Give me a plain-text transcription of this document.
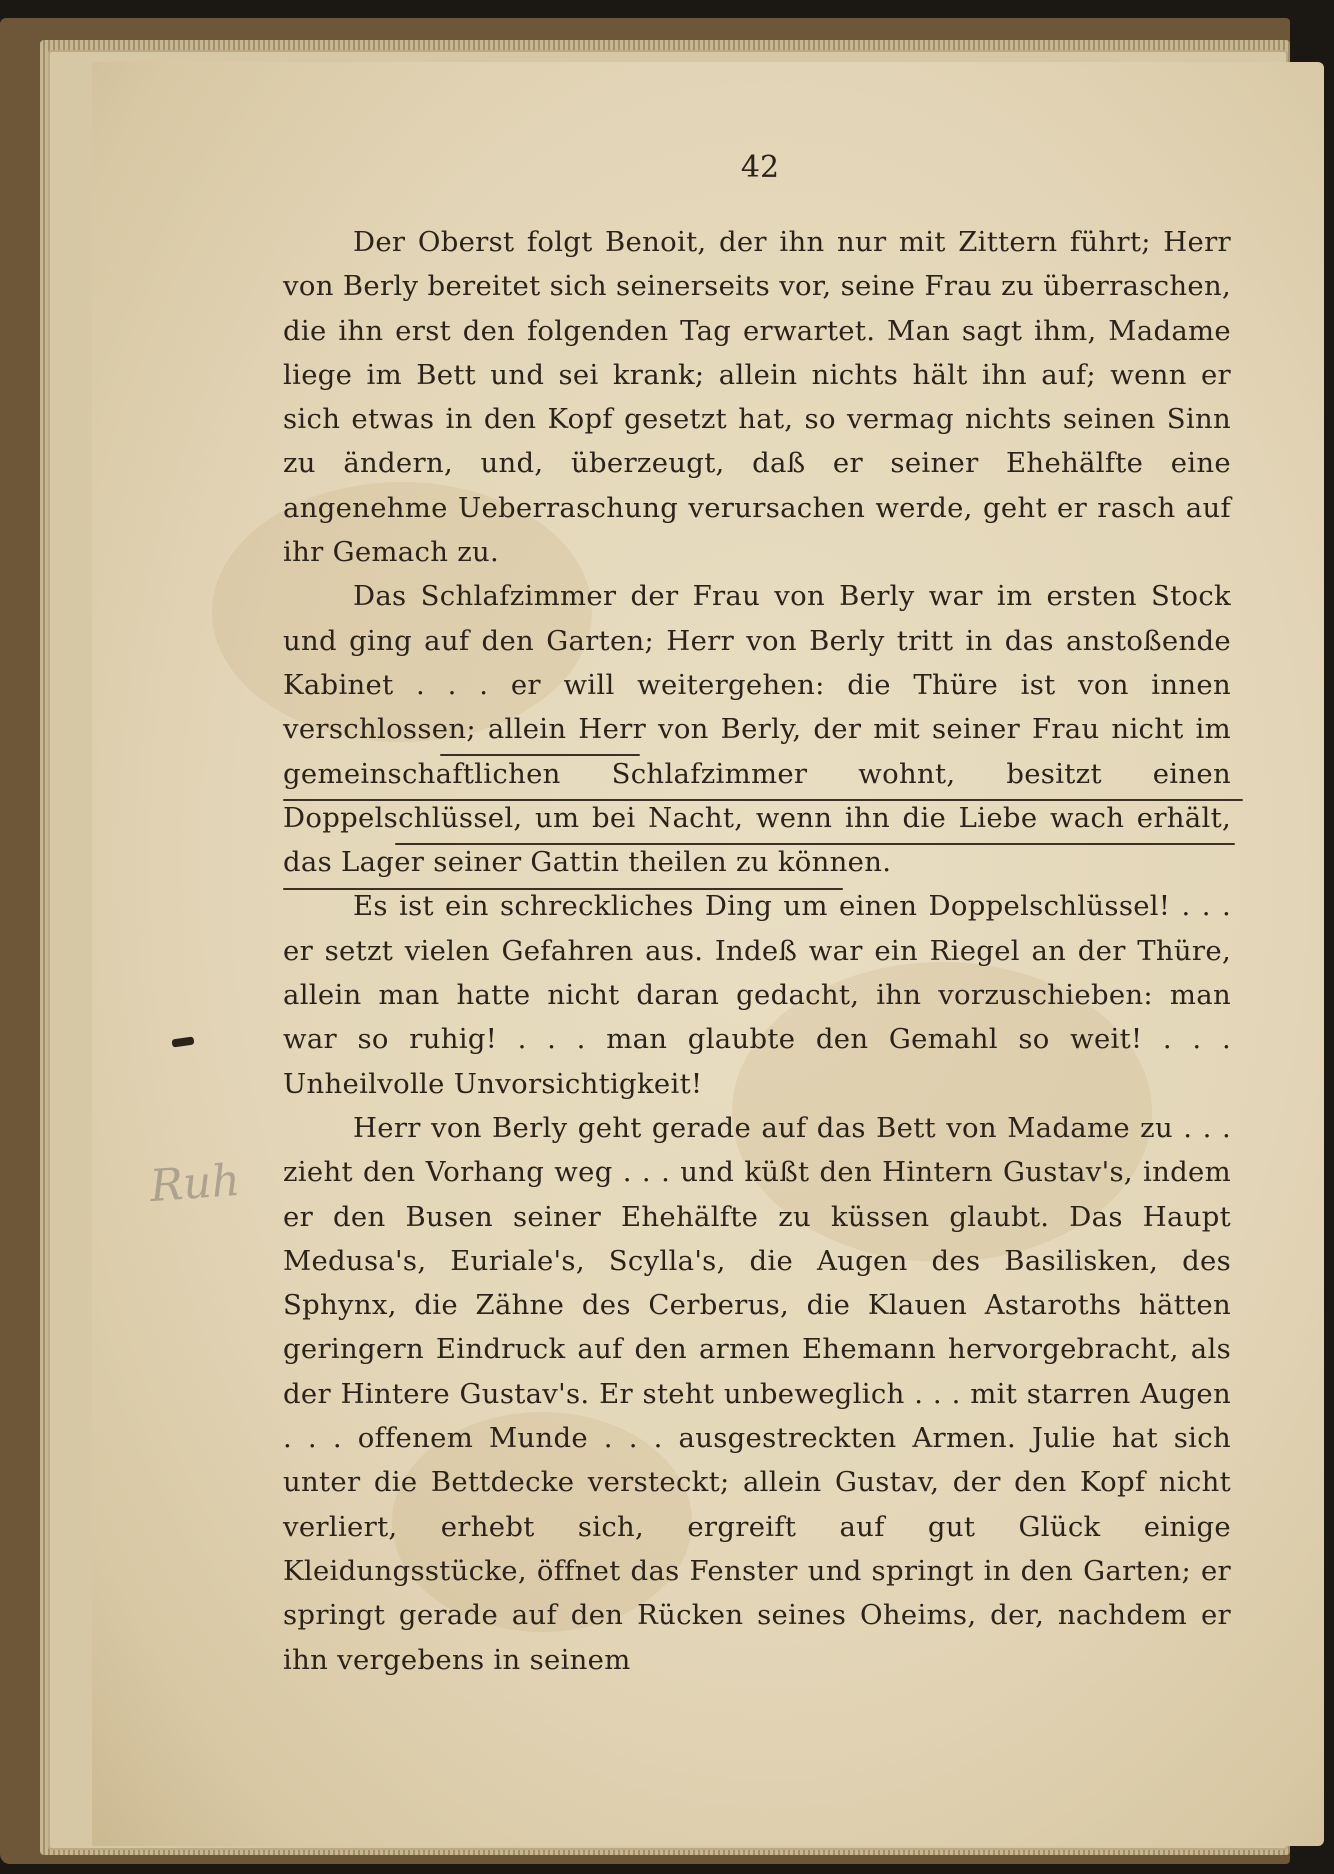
42

Der Oberst folgt Benoit, der ihn nur mit Zittern führt; Herr von Berly bereitet sich seinerseits vor, seine Frau zu überraschen, die ihn erst den folgenden Tag erwartet. Man sagt ihm, Madame liege im Bett und sei krank; allein nichts hält ihn auf; wenn er sich etwas in den Kopf gesetzt hat, so vermag nichts seinen Sinn zu ändern, und, überzeugt, daß er seiner Ehehälfte eine angenehme Ueberraschung verursachen werde, geht er rasch auf ihr Gemach zu.

Das Schlafzimmer der Frau von Berly war im ersten Stock und ging auf den Garten; Herr von Berly tritt in das anstoßende Kabinet . . . er will weitergehen: die Thüre ist von innen verschlossen; allein Herr von Berly, der mit seiner Frau nicht im gemeinschaftlichen Schlafzimmer wohnt, besitzt einen Doppelschlüssel, um bei Nacht, wenn ihn die Liebe wach erhält, das Lager seiner Gattin theilen zu können.

Es ist ein schreckliches Ding um einen Doppelschlüssel! . . . er setzt vielen Gefahren aus. Indeß war ein Riegel an der Thüre, allein man hatte nicht daran gedacht, ihn vorzuschieben: man war so ruhig! . . . man glaubte den Gemahl so weit! . . . Unheilvolle Unvorsichtigkeit!

Herr von Berly geht gerade auf das Bett von Madame zu . . . zieht den Vorhang weg . . . und küßt den Hintern Gustav's, indem er den Busen seiner Ehehälfte zu küssen glaubt. Das Haupt Medusa's, Euriale's, Scylla's, die Augen des Basilisken, des Sphynx, die Zähne des Cerberus, die Klauen Astaroths hätten geringern Eindruck auf den armen Ehemann hervorgebracht, als der Hintere Gustav's. Er steht unbeweglich . . . mit starren Augen . . . offenem Munde . . . ausgestreckten Armen. Julie hat sich unter die Bettdecke versteckt; allein Gustav, der den Kopf nicht verliert, erhebt sich, ergreift auf gut Glück einige Kleidungsstücke, öffnet das Fenster und springt in den Garten; er springt gerade auf den Rücken seines Oheims, der, nachdem er ihn vergebens in seinem

Ruh
